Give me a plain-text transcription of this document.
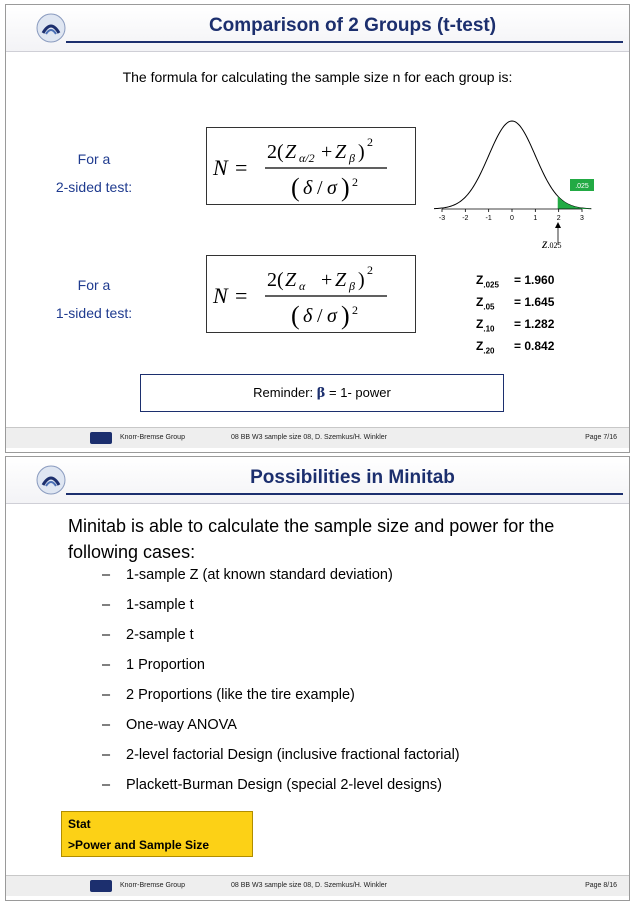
Comparison of 2 Groups (t-test)
The formula for calculating the sample size n for each group is:
For a
2-sided test:
For a
1-sided test:
N =
2( Z α/2 + Z β ) 2
( δ / σ ) 2
N =
2( Z α + Z β ) 2
( δ / σ ) 2
-3 -2 -1	0	1	2	3
.025
z.025
$Z_{.025} = 1.960$
$Z_{.05} = 1.645$
$Z_{.10} = 1.282$
$Z_{.20} = 0.842$
Reminder: β = 1- power
Knorr-Bremse Group	08 BB W3 sample size 08, D. Szemkus/H. Winkler	Page 7/16
Possibilities in Minitab
Minitab is able to calculate the sample size and power for the following cases:
– 1-sample Z (at known standard deviation)
– 1-sample t
– 2-sample t
– 1 Proportion
– 2 Proportions (like the tire example)
– One-way ANOVA
– 2-level factorial Design (inclusive fractional factorial)
– Plackett-Burman Design (special 2-level designs)
Stat
>Power and Sample Size
Knorr-Bremse Group	08 BB W3 sample size 08, D. Szemkus/H. Winkler	Page 8/16
